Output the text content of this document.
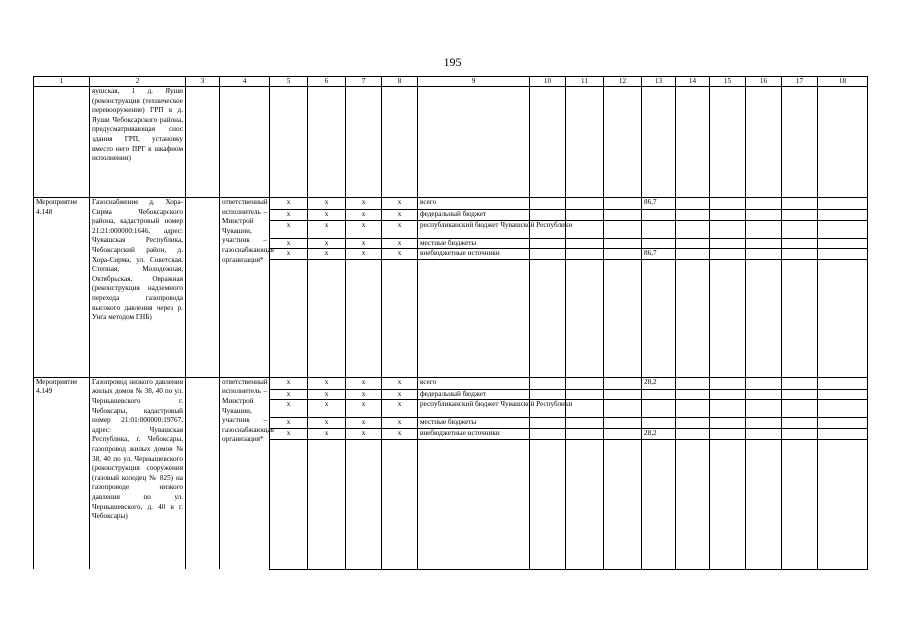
195
1	2	3	4	5	6	7	8	9	10	11	12	13	14	15	16	17	18
	яушская, 1 д. Яуши (реконструкция (техническое перевооружение) ГРП в д. Яуши Чебоксарского района, предусматривающая снос здания ГРП, установку вместо него ПРГ в шкафном исполнении)																
Мероприятие 4.148	Газоснабжение д. Хора-Сирма Чебоксарского района, кадастровый номер 21:21:000000:1646, адрес: Чувашская Республика, Чебоксарский район, д. Хора-Сирма, ул. Советская, Степная, Молодежная, Октябрьская, Овражная (реконструкция надземного перехода газопровода высокого давления через р. Унга методом ГНБ)		ответственный исполнитель – Минстрой Чувашии, участник – газоснабжающая организация*	x	x	x	x	всего				86,7					
				x	x	x	x	федеральный бюджет									
				x	x	x	x	республиканский бюджет Чувашской Республики									
				x	x	x	x	местные бюджеты									
				x	x	x	x	внебюджетные источники				86,7					

Мероприятие 4.149	Газопровод низкого давления жилых домов № 38, 40 по ул. Чернышевского г. Чебоксары, кадастровый номер 21:01:000000:19767, адрес: Чувашская Республика, г. Чебоксары, газопровод жилых домов № 38, 40 по ул. Чернышевского (реконструкция сооружения (газовый колодец № 825) на газопроводе низкого давления по ул. Чернышевского, д. 40 в г. Чебоксары)		ответственный исполнитель – Минстрой Чувашии, участник – газоснабжающая организация*	x	x	x	x	всего				28,2					
				x	x	x	x	федеральный бюджет									
				x	x	x	x	республиканский бюджет Чувашской Республики									
				x	x	x	x	местные бюджеты									
				x	x	x	x	внебюджетные источники				28,2					
